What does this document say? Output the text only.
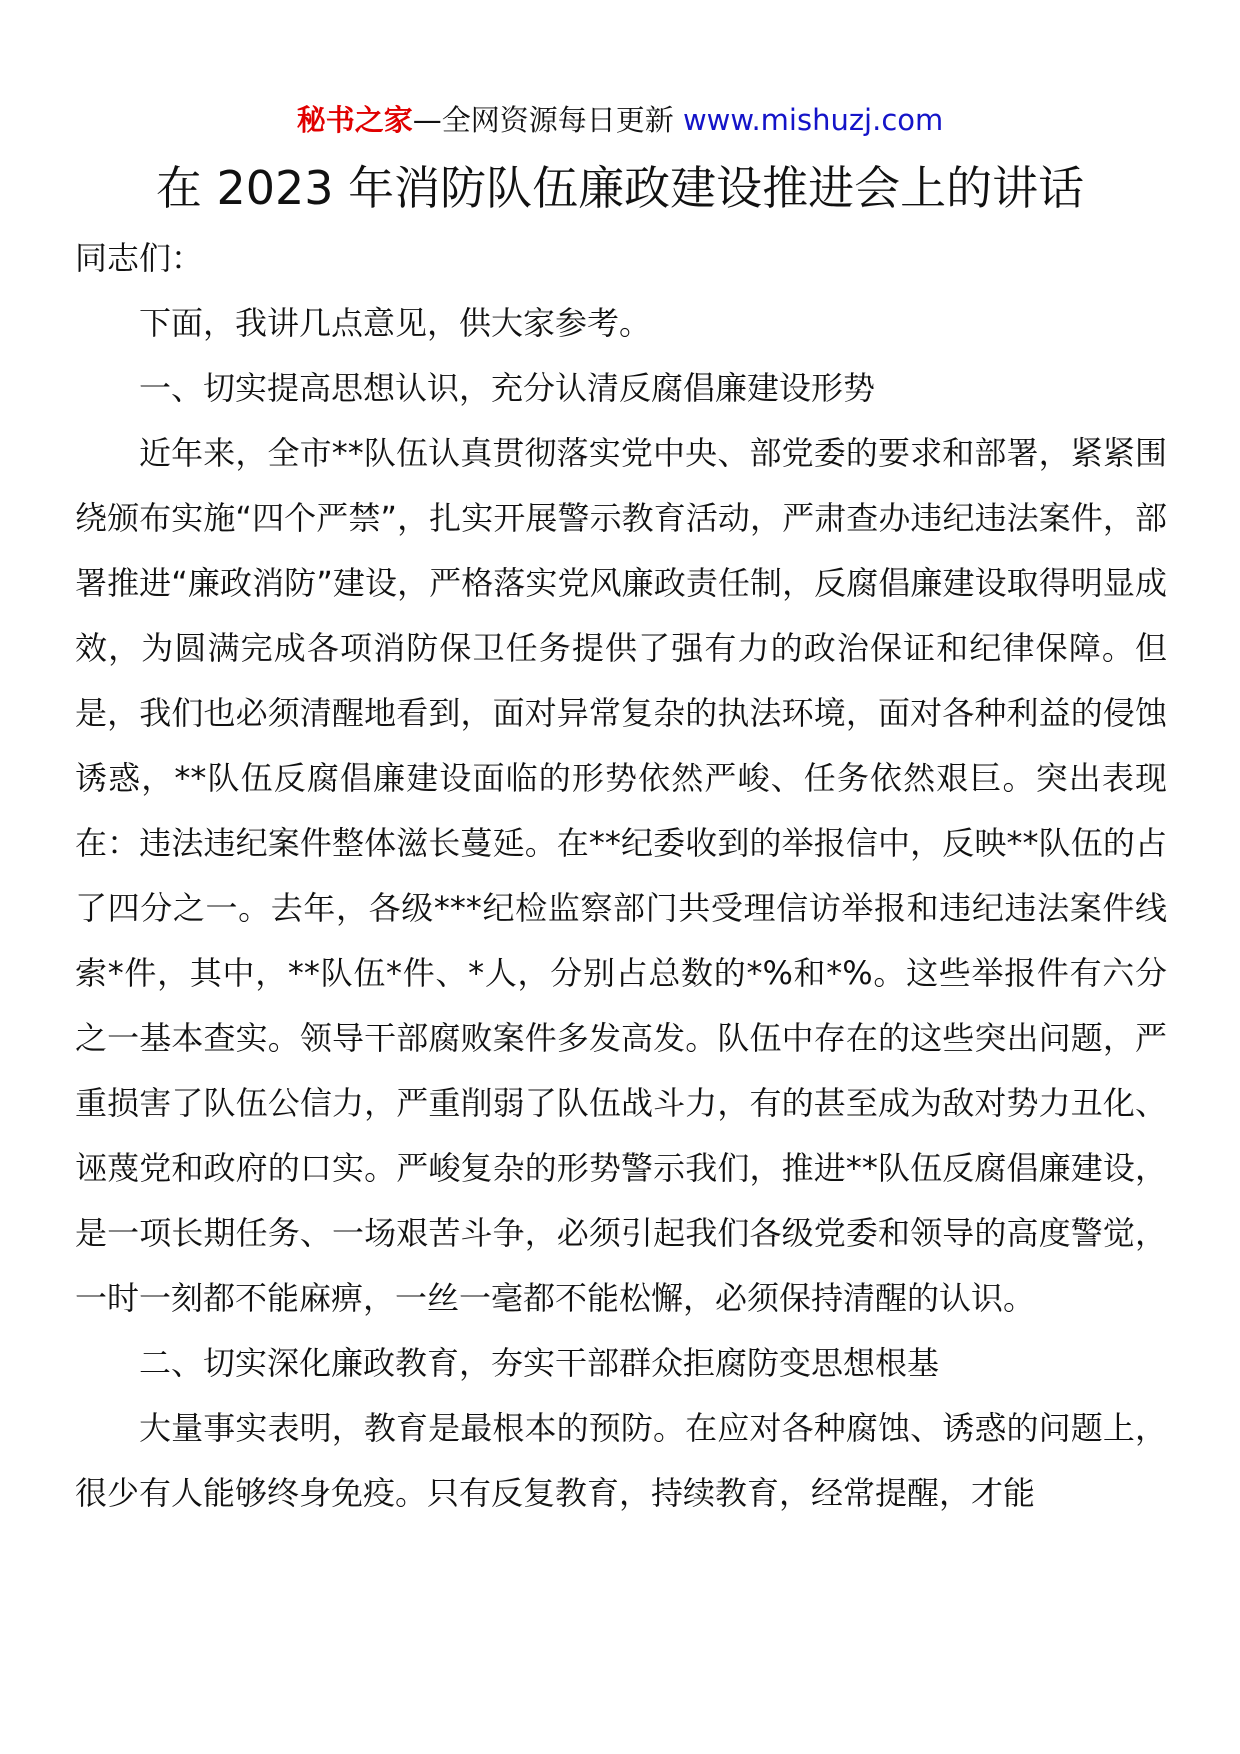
秘书之家—全网资源每日更新 www.mishuzj.com
在 2023 年消防队伍廉政建设推进会上的讲话

同志们：

下面，我讲几点意见，供大家参考。

一、切实提高思想认识，充分认清反腐倡廉建设形势

近年来，全市**队伍认真贯彻落实党中央、部党委的要求和部署，紧紧围绕颁布实施“四个严禁”，扎实开展警示教育活动，严肃查办违纪违法案件，部署推进“廉政消防”建设，严格落实党风廉政责任制，反腐倡廉建设取得明显成效，为圆满完成各项消防保卫任务提供了强有力的政治保证和纪律保障。但是，我们也必须清醒地看到，面对异常复杂的执法环境，面对各种利益的侵蚀诱惑，**队伍反腐倡廉建设面临的形势依然严峻、任务依然艰巨。突出表现在：违法违纪案件整体滋长蔓延。在**纪委收到的举报信中，反映**队伍的占了四分之一。去年，各级***纪检监察部门共受理信访举报和违纪违法案件线索*件，其中，**队伍*件、*人，分别占总数的*%和*%。这些举报件有六分之一基本查实。领导干部腐败案件多发高发。队伍中存在的这些突出问题，严重损害了队伍公信力，严重削弱了队伍战斗力，有的甚至成为敌对势力丑化、诬蔑党和政府的口实。严峻复杂的形势警示我们，推进**队伍反腐倡廉建设，是一项长期任务、一场艰苦斗争，必须引起我们各级党委和领导的高度警觉，一时一刻都不能麻痹，一丝一毫都不能松懈，必须保持清醒的认识。

二、切实深化廉政教育，夯实干部群众拒腐防变思想根基

大量事实表明，教育是最根本的预防。在应对各种腐蚀、诱惑的问题上，很少有人能够终身免疫。只有反复教育，持续教育，经常提醒，才能
